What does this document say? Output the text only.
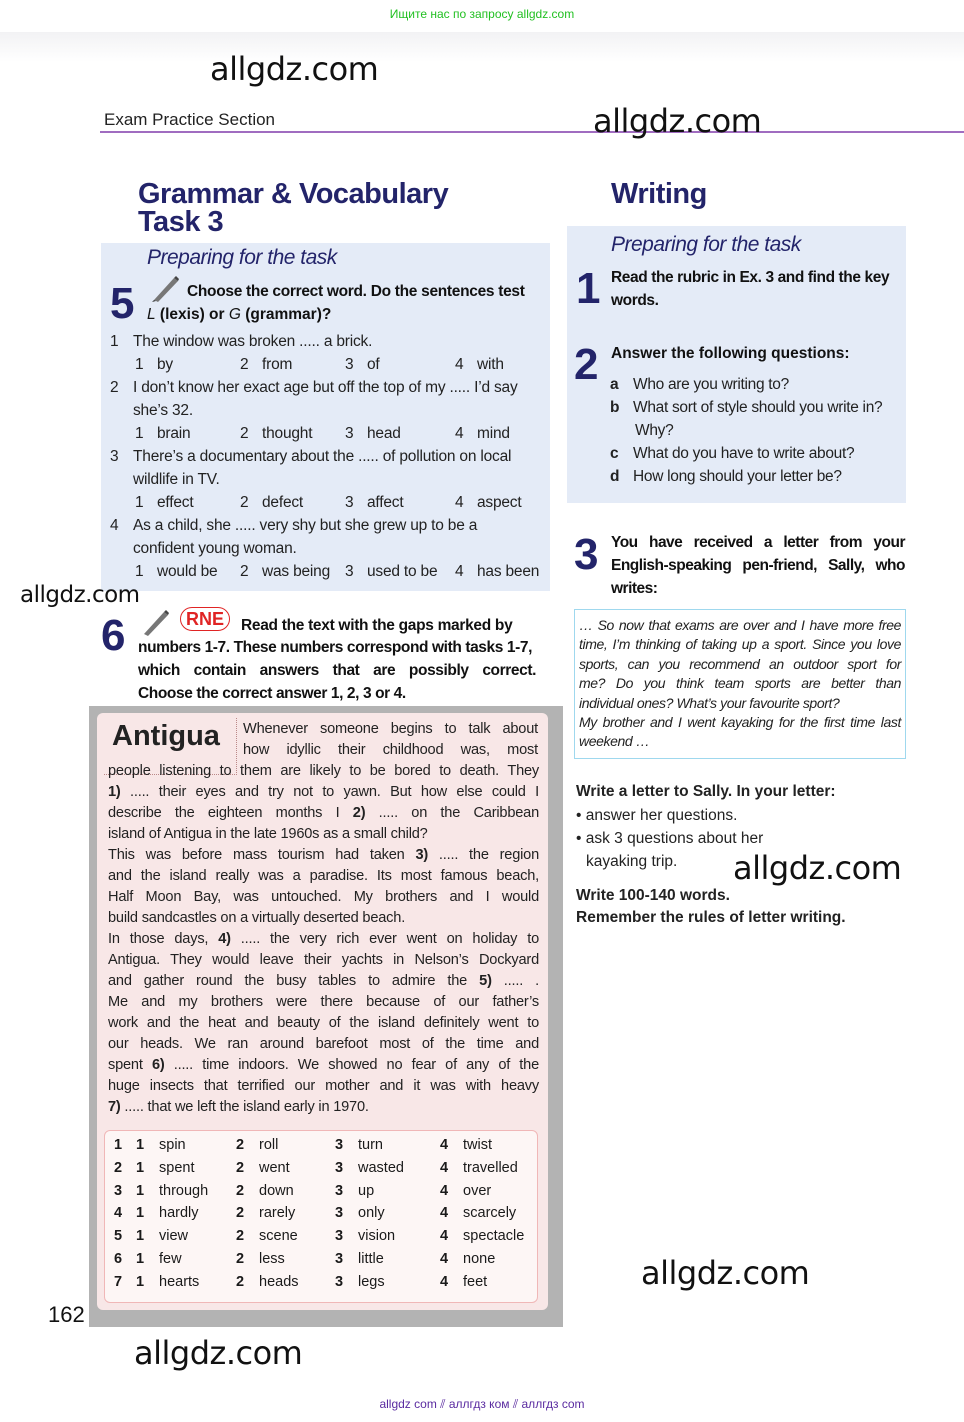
Ищите нас по запросу allgdz.com
allgdz.com
Exam Practice Section	allgdz.com
Grammar & Vocabulary
Task 3
Preparing for the task
5	Choose the correct word. Do the sentences test
L (lexis) or G (grammar)?
1 The window was broken ..... a brick.
1 by	2 from	3 of	4 with
2 I don’t know her exact age but off the top of my ..... I’d say
she’s 32.
1 brain	2 thought 3 head	4 mind
3 There’s a documentary about the ..... of pollution on local
wildlife in TV.
1 effect	2 defect	3 affect	4 aspect
4 As a child, she ..... very shy but she grew up to be a
confident young woman.
1 would be 2 was being 3 used to be 4 has been
allgdz.com
6	RNE	Read the text with the gaps marked by
numbers 1-7. These numbers correspond with tasks 1-7,
which contain answers that are possibly correct.
Choose the correct answer 1, 2, 3 or 4.
Antigua	Whenever someone begins to talk about
how idyllic their childhood was, most
people listening to them are likely to be bored to death. They
1) ..... their eyes and try not to yawn. But how else could I
describe the eighteen months I 2) ..... on the Caribbean
island of Antigua in the late 1960s as a small child?
This was before mass tourism had taken 3) ..... the region
and the island really was a paradise. Its most famous beach,
Half Moon Bay, was untouched. My brothers and I would
build sandcastles on a virtually deserted beach.
In those days, 4) ..... the very rich ever went on holiday to
Antigua. They would leave their yachts in Nelson’s Dockyard
and gather round the busy tables to admire the 5) ..... .
Me and my brothers were there because of our father’s
work and the heat and beauty of the island definitely went to
our heads. We ran around barefoot most of the time and
spent 6) ..... time indoors. We showed no fear of any of the
huge insects that terrified our mother and it was with heavy
7) ..... that we left the island early in 1970.
1 1 spin	2 roll	3 turn	4 twist
2 1 spent	2 went	3 wasted 4 travelled
3 1 through 2 down	3 up	4 over
4 1 hardly	2 rarely	3 only	4 scarcely
5 1 view	2 scene	3 vision	4 spectacle
6 1 few	2 less	3 little	4 none
7 1 hearts	2 heads	3 legs	4 feet
162
allgdz.com
Writing
Preparing for the task
1 Read the rubric in Ex. 3 and find the key
words.
2 Answer the following questions:
a Who are you writing to?
b What sort of style should you write in?
Why?
c What do you have to write about?
d How long should your letter be?
3 You have received a letter from your
English-speaking pen-friend, Sally, who
writes:
… So now that exams are over and I have more free
time, I’m thinking of taking up a sport. Since you love
sports, can you recommend an outdoor sport for
me? Do you think team sports are better than
individual ones? What’s your favourite sport?
My brother and I went kayaking for the first time last
weekend …
Write a letter to Sally. In your letter:
• answer her questions.
• ask 3 questions about her
kayaking trip.	allgdz.com
Write 100-140 words.
Remember the rules of letter writing.
allgdz.com
allgdz com ⫽ аллгдз ком ⫽ аллгдз com
